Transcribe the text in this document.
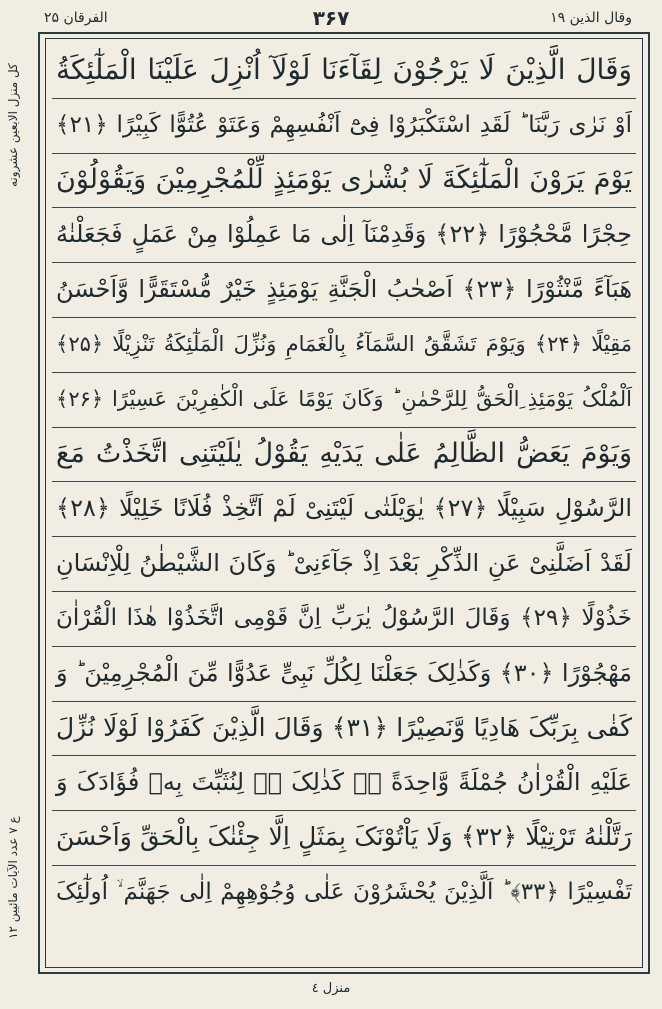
الفرقان ۲۵	۳۶۷	وقال الذین ۱۹
کل منزل الابعین عشرونه
ع ۷ عدد الآیات مائیین ۱۲
وَقَالَ الَّذِیْنَ لَا یَرْجُوْنَ لِقَآءَنَا لَوْلَآ اُنْزِلَ عَلَیْنَا الْمَلٰٓئِکَةُ
اَوْ نَرٰی رَبَّنَا ؕ لَقَدِ اسْتَکْبَرُوْا فِیْٓ اَنْفُسِهِمْ وَعَتَوْ عُتُوًّا کَبِیْرًا ﴿۲۱﴾
یَوْمَ یَرَوْنَ الْمَلٰٓئِکَةَ لَا بُشْرٰی یَوْمَئِذٍ لِّلْمُجْرِمِیْنَ وَیَقُوْلُوْنَ
حِجْرًا مَّحْجُوْرًا ﴿۲۲﴾ وَقَدِمْنَآ اِلٰی مَا عَمِلُوْا مِنْ عَمَلٍ فَجَعَلْنٰهُ
هَبَآءً مَّنْثُوْرًا ﴿۲۳﴾ اَصْحٰبُ الْجَنَّةِ یَوْمَئِذٍ خَیْرٌ مُّسْتَقَرًّا وَّاَحْسَنُ
مَقِیْلًا ﴿۲۴﴾ وَیَوْمَ تَشَقَّقُ السَّمَآءُ بِالْغَمَامِ وَنُزِّلَ الْمَلٰٓئِکَةُ تَنْزِیْلًا ﴿۲۵﴾
اَلْمُلْکُ یَوْمَئِذِ ِالْحَقُّ لِلرَّحْمٰنِ ؕ وَکَانَ یَوْمًا عَلَی الْکٰفِرِیْنَ عَسِیْرًا ﴿۲۶﴾
وَیَوْمَ یَعَضُّ الظَّالِمُ عَلٰی یَدَیْهِ یَقُوْلُ یٰلَیْتَنِی اتَّخَذْتُ مَعَ
الرَّسُوْلِ سَبِیْلًا ﴿۲۷﴾ یٰوَیْلَتٰی لَیْتَنِیْ لَمْ اَتَّخِذْ فُلَانًا خَلِیْلًا ﴿۲۸﴾
لَقَدْ اَضَلَّنِیْ عَنِ الذِّکْرِ بَعْدَ اِذْ جَآءَنِیْ ؕ وَکَانَ الشَّیْطٰنُ لِلْاِنْسَانِ
خَذُوْلًا ﴿۲۹﴾ وَقَالَ الرَّسُوْلُ یٰرَبِّ اِنَّ قَوْمِی اتَّخَذُوْا هٰذَا الْقُرْاٰنَ
مَهْجُوْرًا ﴿۳۰﴾ وَکَذٰلِکَ جَعَلْنَا لِکُلِّ نَبِیٍّ عَدُوًّا مِّنَ الْمُجْرِمِیْنَ ؕ وَ
کَفٰی بِرَبِّکَ هَادِیًا وَّنَصِیْرًا ﴿۳۱﴾ وَقَالَ الَّذِیْنَ کَفَرُوْا لَوْلَا نُزِّلَ
عَلَیْهِ الْقُرْاٰنُ جُمْلَةً وَّاحِدَةً ۚۛ کَذٰلِکَ ۚۛ لِنُثَبِّتَ بِهٖ فُؤَادَکَ وَ
رَتَّلْنٰهُ تَرْتِیْلًا ﴿۳۲﴾ وَلَا یَاْتُوْنَکَ بِمَثَلٍ اِلَّا جِئْنٰکَ بِالْحَقِّ وَاَحْسَنَ
تَفْسِیْرًا ﴿۳۳﴾ ؕ اَلَّذِیْنَ یُحْشَرُوْنَ عَلٰی وُجُوْهِهِمْ اِلٰی جَهَنَّمَ ۙ اُولٰٓئِکَ
منزل ٤
